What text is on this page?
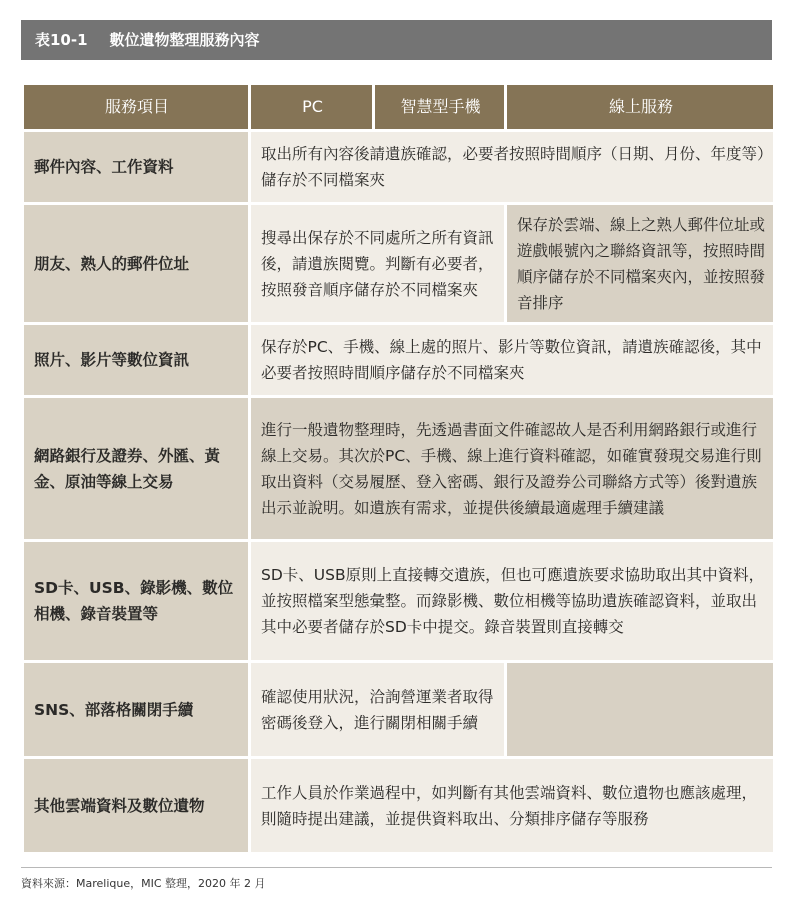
表10-1 數位遺物整理服務內容
服務項目	PC	智慧型手機	線上服務
郵件內容、工作資料	取出所有內容後請遺族確認，必要者按照時間順序（日期、月份、年度等）儲存於不同檔案夾		
朋友、熟人的郵件位址	搜尋出保存於不同處所之所有資訊後，請遺族閱覽。判斷有必要者，按照發音順序儲存於不同檔案夾		保存於雲端、線上之熟人郵件位址或遊戲帳號內之聯絡資訊等，按照時間順序儲存於不同檔案夾內，並按照發音排序
照片、影片等數位資訊	保存於PC、手機、線上處的照片、影片等數位資訊，請遺族確認後，其中必要者按照時間順序儲存於不同檔案夾		
網路銀行及證券、外匯、黃金、原油等線上交易	進行一般遺物整理時，先透過書面文件確認故人是否利用網路銀行或進行線上交易。其次於PC、手機、線上進行資料確認，如確實發現交易進行則取出資料（交易履歷、登入密碼、銀行及證券公司聯絡方式等）後對遺族出示並說明。如遺族有需求，並提供後續最適處理手續建議		
SD卡、USB、錄影機、數位相機、錄音裝置等	SD卡、USB原則上直接轉交遺族，但也可應遺族要求協助取出其中資料，並按照檔案型態彙整。而錄影機、數位相機等協助遺族確認資料，並取出其中必要者儲存於SD卡中提交。錄音裝置則直接轉交		
SNS、部落格關閉手續	確認使用狀況，洽詢營運業者取得密碼後登入，進行關閉相關手續		
其他雲端資料及數位遺物	工作人員於作業過程中，如判斷有其他雲端資料、數位遺物也應該處理，則隨時提出建議，並提供資料取出、分類排序儲存等服務		
資料來源：Marelique，MIC 整理，2020 年 2 月
